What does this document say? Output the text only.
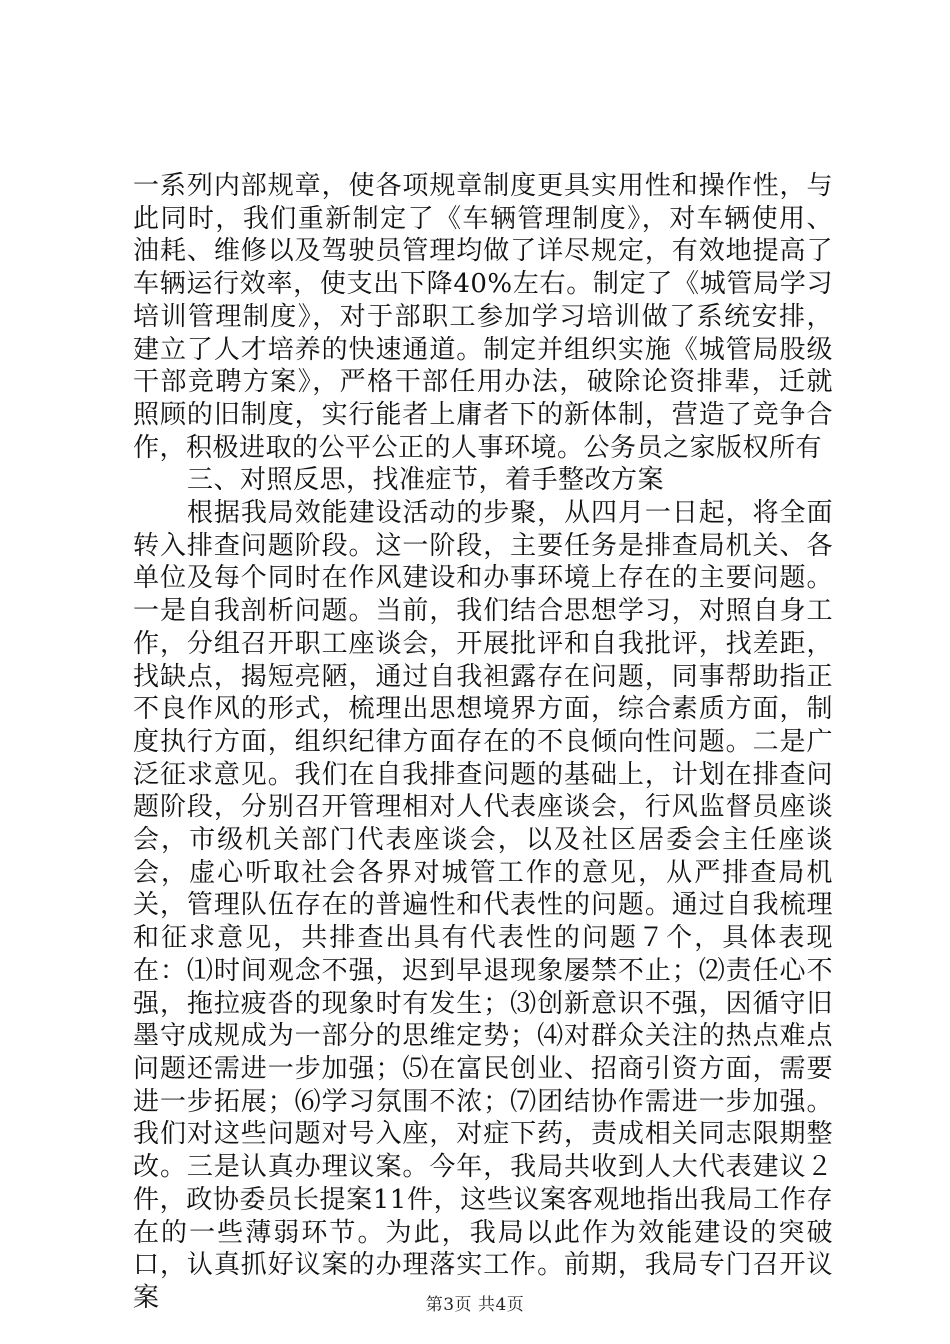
一系列内部规章，使各项规章制度更具实用性和操作性，与此同时，我们重新制定了《车辆管理制度》，对车辆使用、油耗、维修以及驾驶员管理均做了详尽规定，有效地提高了车辆运行效率，使支出下降40%左右。制定了《城管局学习培训管理制度》，对于部职工参加学习培训做了系统安排，建立了人才培养的快速通道。制定并组织实施《城管局股级干部竞聘方案》，严格干部任用办法，破除论资排辈，迁就照顾的旧制度，实行能者上庸者下的新体制，营造了竞争合作，积极进取的公平公正的人事环境。公务员之家版权所有

三、对照反思，找准症节，着手整改方案

根据我局效能建设活动的步聚，从四月一日起，将全面转入排查问题阶段。这一阶段，主要任务是排查局机关、各单位及每个同时在作风建设和办事环境上存在的主要问题。一是自我剖析问题。当前，我们结合思想学习，对照自身工作，分组召开职工座谈会，开展批评和自我批评，找差距，找缺点，揭短亮陋，通过自我袒露存在问题，同事帮助指正不良作风的形式，梳理出思想境界方面，综合素质方面，制度执行方面，组织纪律方面存在的不良倾向性问题。二是广泛征求意见。我们在自我排查问题的基础上，计划在排查问题阶段，分别召开管理相对人代表座谈会，行风监督员座谈会，市级机关部门代表座谈会，以及社区居委会主任座谈会，虚心听取社会各界对城管工作的意见，从严排查局机关，管理队伍存在的普遍性和代表性的问题。通过自我梳理和征求意见，共排查出具有代表性的问题７个，具体表现在：⑴时间观念不强，迟到早退现象屡禁不止；⑵责任心不强，拖拉疲沓的现象时有发生；⑶创新意识不强，因循守旧墨守成规成为一部分的思维定势；⑷对群众关注的热点难点问题还需进一步加强；⑸在富民创业、招商引资方面，需要进一步拓展；⑹学习氛围不浓；⑺团结协作需进一步加强。我们对这些问题对号入座，对症下药，责成相关同志限期整改。三是认真办理议案。今年，我局共收到人大代表建议２件，政协委员长提案11件，这些议案客观地指出我局工作存在的一些薄弱环节。为此，我局以此作为效能建设的突破口，认真抓好议案的办理落实工作。前期，我局专门召开议案	第3页 共4页
